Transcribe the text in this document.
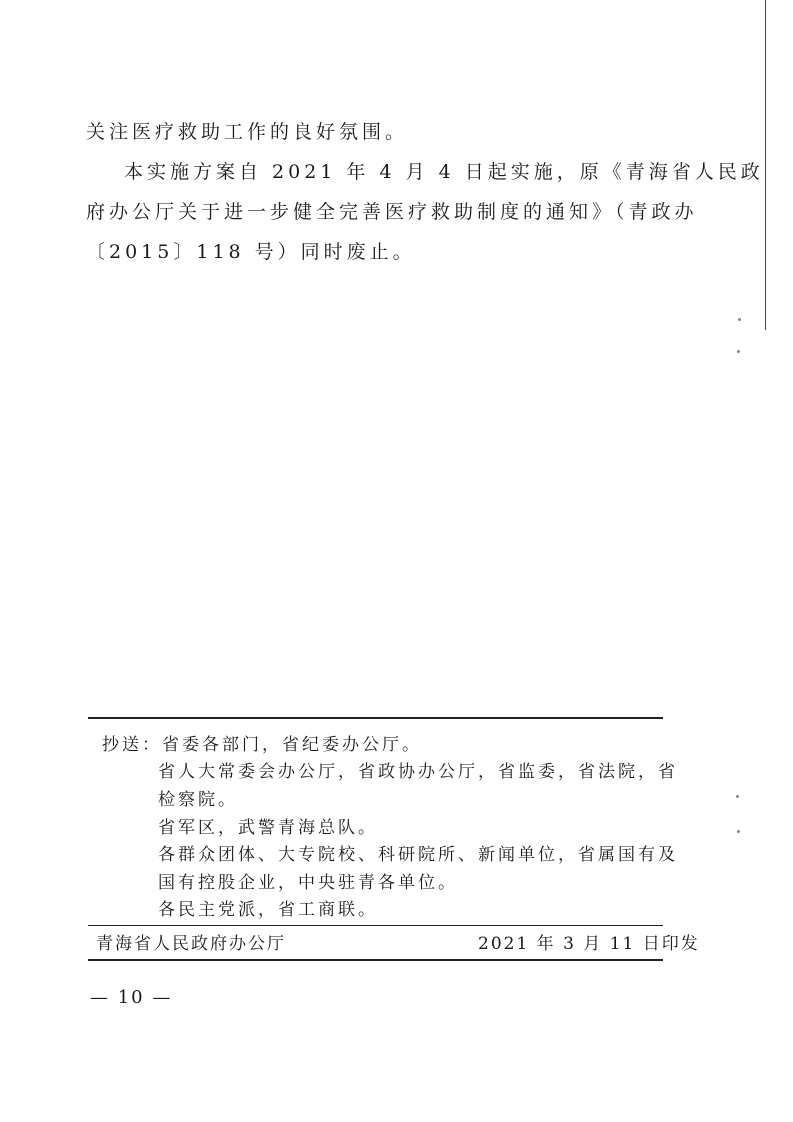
关注医疗救助工作的良好氛围。

本实施方案自 2021 年 4 月 4 日起实施，原《青海省人民政

府办公厅关于进一步健全完善医疗救助制度的通知》（青政办

〔2015〕118 号）同时废止。

抄送：省委各部门，省纪委办公厅。

省人大常委会办公厅，省政协办公厅，省监委，省法院，省

检察院。

省军区，武警青海总队。

各群众团体、大专院校、科研院所、新闻单位，省属国有及

国有控股企业，中央驻青各单位。

各民主党派，省工商联。

青海省人民政府办公厅	2021 年 3 月 11 日印发
— 10 —
